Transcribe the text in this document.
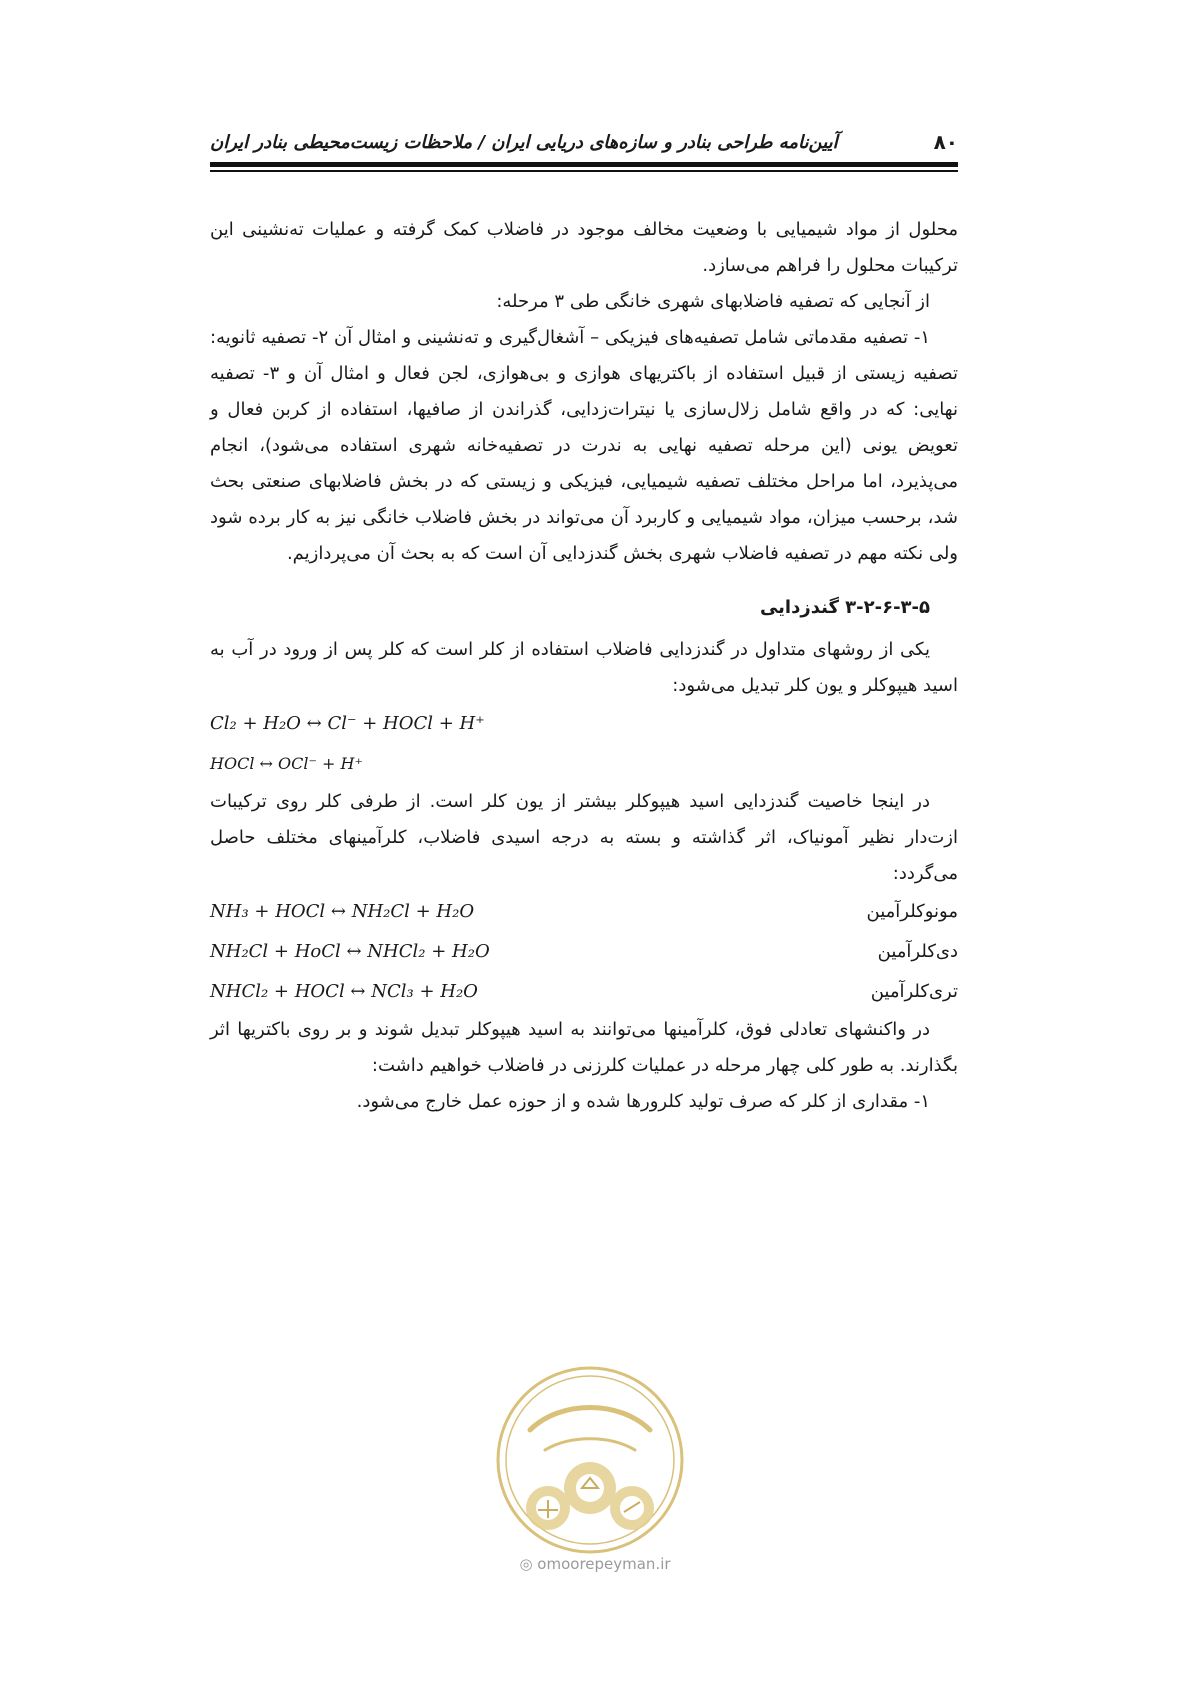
۸۰
آیین‌نامه طراحی بنادر و سازه‌های دریایی ایران / ملاحظات زیست‌محیطی بنادر ایران

محلول از مواد شیمیایی با وضعیت مخالف موجود در فاضلاب کمک گرفته و عملیات ته‌نشینی این ترکیبات محلول را فراهم می‌سازد.

از آنجایی که تصفیه فاضلابهای شهری خانگی طی ۳ مرحله:

۱- تصفیه مقدماتی شامل تصفیه‌های فیزیکی – آشغال‌گیری و ته‌نشینی و امثال آن ۲- تصفیه ثانویه: تصفیه زیستی از قبیل استفاده از باکتریهای هوازی و بی‌هوازی، لجن فعال و امثال آن و ۳- تصفیه نهایی: که در واقع شامل زلال‌سازی یا نیترات‌زدایی، گذراندن از صافیها، استفاده از کربن فعال و تعویض یونی (این مرحله تصفیه نهایی به ندرت در تصفیه‌خانه شهری استفاده می‌شود)، انجام می‌پذیرد، اما مراحل مختلف تصفیه شیمیایی، فیزیکی و زیستی که در بخش فاضلابهای صنعتی بحث شد، برحسب میزان، مواد شیمیایی و کاربرد آن می‌تواند در بخش فاضلاب خانگی نیز به کار برده شود ولی نکته مهم در تصفیه فاضلاب شهری بخش گندزدایی آن است که به بحث آن می‌پردازیم.

۳-۲-۶-۳-۵ گندزدایی

یکی از روشهای متداول در گندزدایی فاضلاب استفاده از کلر است که کلر پس از ورود در آب به اسید هیپوکلر و یون کلر تبدیل می‌شود:

Cl₂ + H₂O ↔ Cl⁻ + HOCl + H⁺
HOCl ↔ OCl⁻ + H⁺

در اینجا خاصیت گندزدایی اسید هیپوکلر بیشتر از یون کلر است. از طرفی کلر روی ترکیبات ازت‌دار نظیر آمونیاک، اثر گذاشته و بسته به درجه اسیدی فاضلاب، کلرآمینهای مختلف حاصل می‌گردد:

مونوکلرآمین
NH₃ + HOCl ↔ NH₂Cl + H₂O
دی‌کلرآمین
NH₂Cl + HoCl ↔ NHCl₂ + H₂O
تری‌کلرآمین
NHCl₂ + HOCl ↔ NCl₃ + H₂O

در واکنشهای تعادلی فوق، کلرآمینها می‌توانند به اسید هیپوکلر تبدیل شوند و بر روی باکتریها اثر بگذارند. به طور کلی چهار مرحله در عملیات کلرزنی در فاضلاب خواهیم داشت:

۱- مقداری از کلر که صرف تولید کلرورها شده و از حوزه عمل خارج می‌شود.

◎ omoorepeyman.ir
